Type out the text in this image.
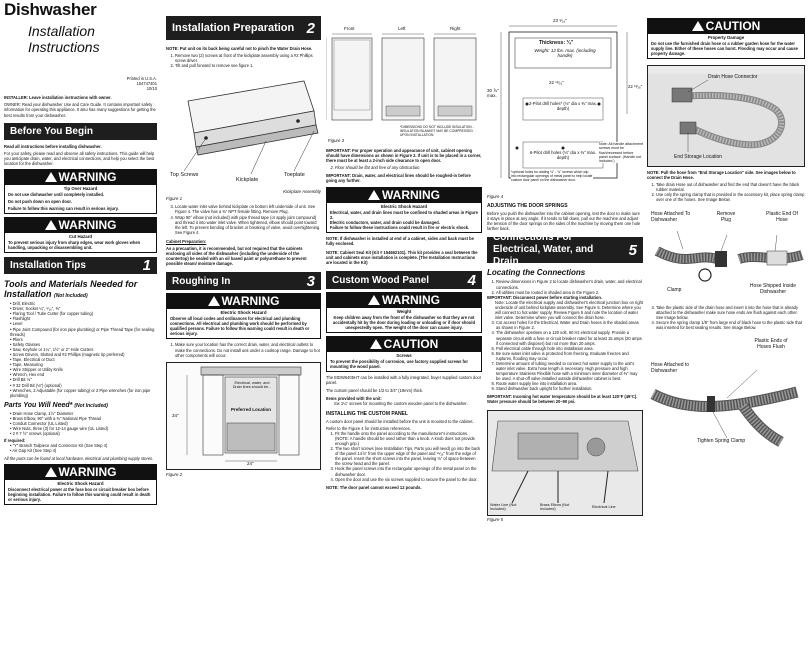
Dishwasher
Installation
Instructions

Printed in U.S.A.

154747401

10/10

INSTALLER: Leave installation instructions with owner.

OWNER: Read your dishwasher Use and Care Guide. It contains important safety information for operating this appliance. It also has many suggestions for getting the best results from your dishwasher.

Before You Begin

Read all instructions before installing dishwasher.

For your safety, please read and observe all safety instructions. This guide will help you anticipate drain, water, and electrical connections, and help you select the best location for the dishwasher.

WARNING
Tip Over Hazard
Do not use dishwasher until completely installed.
Do not push down on open door.
Failure to follow this warning can result in serious injury.
WARNING
Cut Hazard
To prevent serious injury from sharp edges, wear work gloves when handling, unpacking or disassembling unit.
Installation Tips	1
Tools and Materials Needed for Installation (Not Included)
• Drill, Electric
• Driver, Socket ¼", ⁵⁄₁₆", ⅜"
• Flaring Tool / Tube Cutter (for copper tubing)
• Flashlight
• Level
• Pipe Joint Compound (for iron pipe plumbing) or Pipe Thread Tape (for sealing threads)
• Pliers
• Safety Glasses
• Saw, Keyhole or 1¼", 1½" or 2" Hole Cutters
• Screw Drivers, Slotted and #2 Phillips (magnetic tip preferred)
• Tape, Electrical or Duct
• Tape, Measuring
• Wire Stripper or Utility Knife
• Wrench, Hex end
• Drill Bit ⅛"
• # 32 Drill Bit (⅛") (optional)
• Wrenches, 2 Adjustable (for copper tubing) or 2 Pipe wrenches (for iron pipe plumbing)
Parts You Will Need* (Not Included)
• Drain Hose Clamp, 1½" Diameter
• Brass Elbow, 90° with a ⅜" National Pipe Thread
• Conduit Connector (UL Listed)
• Wire Nuts, three (3) for 12-14 gauge wire (UL Listed)
• 2 # 7 ½" screws (optional)

If required:

• "Y" Branch Tailpiece and Connector Kit (See Step 4)
• Air Gap Kit (See Step 4)

All the parts can be found at local hardware, electrical and plumbing supply stores.

WARNING
Electric Shock Hazard
Disconnect electrical power at the fuse box or circuit breaker box before beginning installation. Failure to follow this warning could result in death or serious injury.
Installation Preparation 2

NOTE: Put unit on its back being careful not to pinch the Water Drain Hose.

1. Remove two (2) screws at front of the kickplate assembly using a #2 Phillips screw driver.
2. Tilt and pull forward to remove see figure 1.
Top Screws
Kickplate
Toeplate
Kickplate Assembly
Figure 1
3. Locate water inlet valve behind kickplate on bottom left underside of unit. See Figure 4. The valve has a ⅜" NPT female fitting. Remove Plug.
4. Wrap 90° elbow (not included) with pipe thread tape (or apply joint compound) and thread it into water inlet valve. When tightened, elbow should point toward the left. To prevent bending of bracket or breaking of valve, avoid overtightening. See Figure 4.

Cabinet Preparation:

As a precaution, it is recommended, but not required that the cabinets enclosing all sides of the dishwasher (including the underside of the countertop) be sealed with an oil based paint or polyurethane to prevent possible steam/ moisture damage.

Roughing In	3
WARNING
Electric Shock Hazard
Observe all local codes and ordinances for electrical and plumbing connections. All electrical and plumbing work should be performed by qualified persons. Failure to follow this warning could result in death or serious injury.
1. Make sure your location has the correct drain, water, and electrical outlets to make the connections. Do not install unit under a cooktop range. Damage to hot other components will occur.
Electrical, water, and Drain lines should be...
Preferred Location
24"
34"
Figure 2
Front	Left	Right
*DIMENSIONS DO NOT INCLUDE INSULATION - INSULATION BLANKET MAY BE COMPRESSED UPON INSTALLATION.
Figure 3

IMPORTANT: For proper operation and appearance of unit, cabinet opening should have dimensions as shown in Figure 2. If unit is to be placed in a corner, there must be at least a 2-inch side clearance to open door.

2. Floor should be flat and free of any obstruction.

IMPORTANT: Drain, water, and electrical lines should be roughed-in before going any further.

WARNING
Electric Shock Hazard
Electrical, water, and drain lines must be confined to shaded areas in Figure 2.
Electric conductors, water, and drain could be damaged.
Failure to follow these instructions could result in fire or electric shock.

NOTE: If dishwasher is installed at end of a cabinet, sides and back must be fully enclosed.

NOTE: Cabinet Seal Kit (Kit # 154662101). This kit provides a seal between the unit and cabinets once installation is complete. (The Installation Instructions are located in the Kit)

Custom Wood Panel	4
WARNING
Weight
Keep children away from the front of the dishwasher so that they are not accidentally hit by the door during loading or unloading or if door should unexpectedly open. The weight of the door can cause injury.
CAUTION
Screws
To prevent the possibility of corrosion, use factory supplied screws for mounting the wood panel.

The EIDW6405HT can be installed with a fully integrated, buyer supplied custom door panel.

The custom panel should be 1/2 to 3/4" (19mm) thick.

Items provided with the unit:

Six 1¼" screws for mounting the custom wooden panel to the dishwasher.

INSTALLING THE CUSTOM PANEL

A custom door panel should be installed before the unit is mounted to the cabinet.

Refer to the Figure 4 for instruction references.

1. Fit the handle onto the panel according to the manufacturer's instructions. (NOTE: A handle should be used rather than a knob. A knob does not provide enough grip.)
2. The two short screws (see Installation Tips, Parts you will need) go into the back of the panel 14⅞" from the upper edge of the panel and ¹⁵⁄₁₆" from the edge of the panel. Insert the short screws into the panel, leaving ⅛" of space between the screw head and the panel.
3. Hook the panel screws into the rectangular openings of the metal panel on the dishwasher door.
4. Open the door and use the six screws supplied to secure the panel to the door.

NOTE: The door panel cannot exceed 12 pounds.

23 ⁹⁄₁₆"
Thickness: ¾"
Weight: 12 lbs. max. (including handle)
22 ¹¹⁄₁₆"
30 ⅞" max.
22 ¹³⁄₁₆"
2-Pilot drill holes* (⅛" dia x ⅜" max. depth)
6-Pilot drill holes (⅛" dia x ⅜" max. depth)
*optional holes for adding ⅛" - ¾" screws which slip into rectangular openings of metal panel to help locate custom door panel on the dishwasher door.
Note: All handle attachment screws must be flush/recessed before panel surface. (Handle not included.)
Figure 4

ADJUSTING THE DOOR SPRINGS

Before you push the dishwasher into the cabinet opening, test the door to make sure it stays in place at any angle. If it tends to fall down, pull out the machine and adjust the tension of the door springs on the sides of the machine by moving them one hole farther back.

Connections For Electrical, Water, and Drain
5
Locating the Connections
1. Review dimensions in Figure 2 to locate dishwasher's drain, water, and electrical connections.
2. All utilities must be routed in shaded area in the Figure 2.

IMPORTANT: Disconnect power before starting installation.

Note: Locate the electrical supply and dishwasher's electrical junction box on right underside of unit behind kickplate assembly. See Figure 5. Determine where you will connect to hot water supply. Review Figure 5 and note the location of water inlet valve. Determine where you will connect the drain hose.

3. Cut access holes for the Electrical, Water and Drain hoses in the shaded areas as shown in Figure 2.
4. The dishwasher operates on a 120 volt, 60 Hz electrical supply. Provide a separate circuit with a fuse or circuit breaker rated for at least 15 amps (20 amps if connected with disposer) but not more than 20 amps.
5. Pull electrical cable through hole into installation area.
6. Be sure water inlet valve is protected from freezing. Evaluate freezes and ruptures, flooding may occur.
7. Determine amount of tubing needed to connect hot water supply to the unit's water inlet valve. Extra hose length is necessary. High pressure and high temperature Stainless Flexible hose with a minimum inner diameter of ⅜" may be used. A shut-off valve installed outside dishwasher cabinet is best.
8. Route water supply line into installation area.
9. Stand dishwasher back upright for further installation.

IMPORTANT: Incoming hot water temperature should be at least 120°F (49°C). Water pressure should be between 20–90 psi.

Water Line (Not Included)
Brass Elbow (Not Included)
Electrical Line
Figure 5
CAUTION
Property Damage
Do not use the furnished drain hose or a rubber garden hose for the water supply line. Either of these hoses can burst. Flooding may occur and cause property damage.
Drain Hose Connector
End Storage Location

NOTE: Pull the hose from "End Storage Location" side. See images below to connect the Drain Hose.

1. Take drain Hose out of dishwasher and find the end that doesn't have the black rubber material.
2. Use only the spring clamp that is provided in the accessory kit, place spring clamp over one of the hoses. See Image Below.
Hose Attached To Dishwasher
Remove Plug
Plastic End Of Hose
Clamp
Hose Shipped Inside Dishwasher
3. Take the plastic side of the drain hose and insert it into the hose that is already attached to the dishwasher make sure hose ends are flush against each other. See Image below.
4. Secure the spring clamp 1/8" from large end of black hose to the plastic side that was inserted for best sealing results. See Image Below.
Plastic Ends of Hoses Flush
Hose Attached to Dishwasher
Tighten Spring Clamp
